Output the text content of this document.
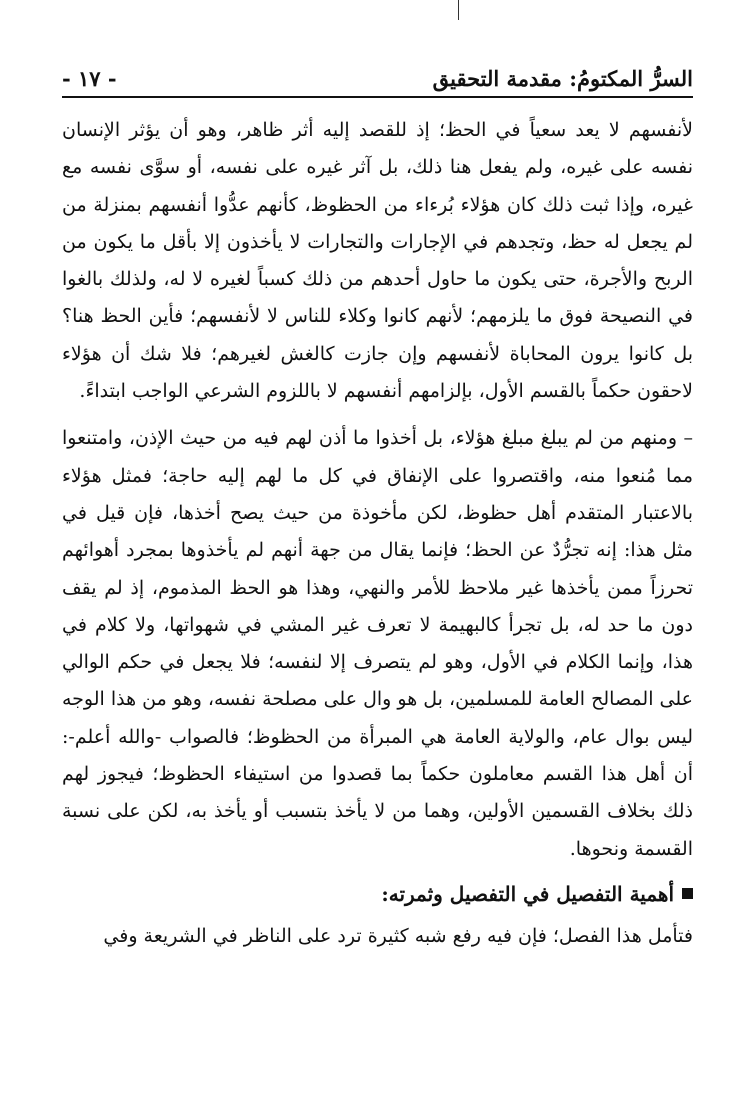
السرُّ المكتومُ: مقدمة التحقيق
- ١٧ -

لأنفسهم لا يعد سعياً في الحظ؛ إذ للقصد إليه أثر ظاهر، وهو أن يؤثر الإنسان نفسه على غيره، ولم يفعل هنا ذلك، بل آثر غيره على نفسه، أو سوَّى نفسه مع غيره، وإذا ثبت ذلك كان هؤلاء بُرءاء من الحظوظ، كأنهم عدُّوا أنفسهم بمنزلة من لم يجعل له حظ، وتجدهم في الإجارات والتجارات لا يأخذون إلا بأقل ما يكون من الربح والأجرة، حتى يكون ما حاول أحدهم من ذلك كسباً لغيره لا له، ولذلك بالغوا في النصيحة فوق ما يلزمهم؛ لأنهم كانوا وكلاء للناس لا لأنفسهم؛ فأين الحظ هنا؟ بل كانوا يرون المحاباة لأنفسهم وإن جازت كالغش لغيرهم؛ فلا شك أن هؤلاء لاحقون حكماً بالقسم الأول، بإلزامهم أنفسهم لا باللزوم الشرعي الواجب ابتداءً.

– ومنهم من لم يبلغ مبلغ هؤلاء، بل أخذوا ما أذن لهم فيه من حيث الإذن، وامتنعوا مما مُنعوا منه، واقتصروا على الإنفاق في كل ما لهم إليه حاجة؛ فمثل هؤلاء بالاعتبار المتقدم أهل حظوظ، لكن مأخوذة من حيث يصح أخذها، فإن قيل في مثل هذا: إنه تجرُّدٌ عن الحظ؛ فإنما يقال من جهة أنهم لم يأخذوها بمجرد أهوائهم تحرزاً ممن يأخذها غير ملاحظ للأمر والنهي، وهذا هو الحظ المذموم، إذ لم يقف دون ما حد له، بل تجرأ كالبهيمة لا تعرف غير المشي في شهواتها، ولا كلام في هذا، وإنما الكلام في الأول، وهو لم يتصرف إلا لنفسه؛ فلا يجعل في حكم الوالي على المصالح العامة للمسلمين، بل هو وال على مصلحة نفسه، وهو من هذا الوجه ليس بوال عام، والولاية العامة هي المبرأة من الحظوظ؛ فالصواب -والله أعلم-: أن أهل هذا القسم معاملون حكماً بما قصدوا من استيفاء الحظوظ؛ فيجوز لهم ذلك بخلاف القسمين الأولين، وهما من لا يأخذ بتسبب أو يأخذ به، لكن على نسبة القسمة ونحوها.

أهمية التفصيل في التفصيل وثمرته:

فتأمل هذا الفصل؛ فإن فيه رفع شبه كثيرة ترد على الناظر في الشريعة وفي
